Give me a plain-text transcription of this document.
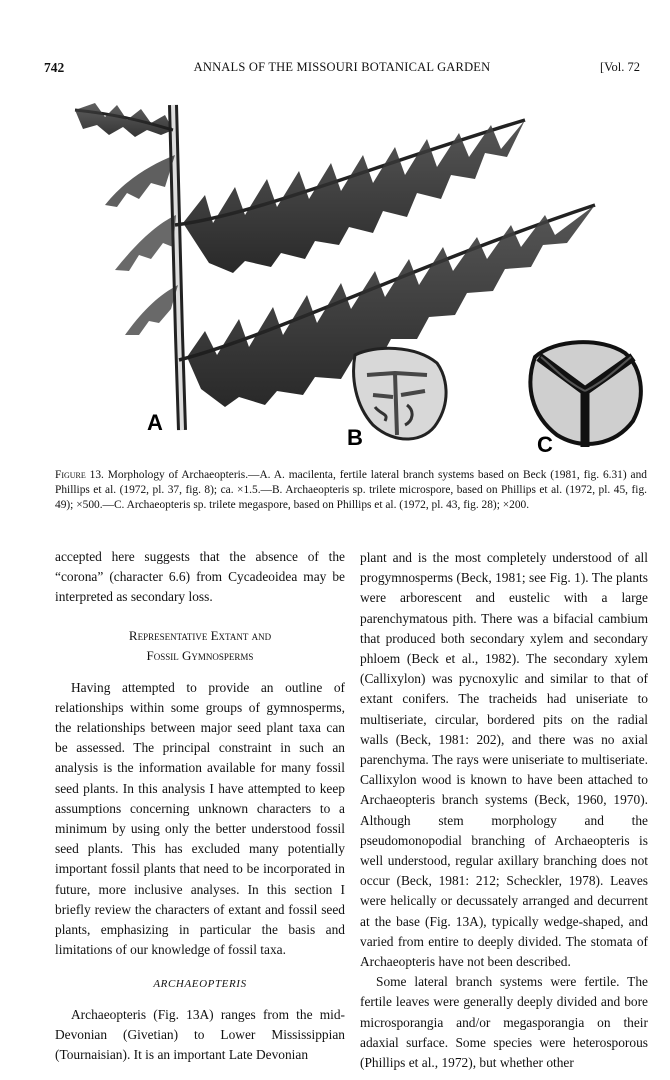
742	ANNALS OF THE MISSOURI BOTANICAL GARDEN	[Vol. 72
A
B	C
Figure 13. Morphology of Archaeopteris.—A. A. macilenta, fertile lateral branch systems based on Beck (1981, fig. 6.31) and Phillips et al. (1972, pl. 37, fig. 8); ca. ×1.5.—B. Archaeopteris sp. trilete microspore, based on Phillips et al. (1972, pl. 45, fig. 49); ×500.—C. Archaeopteris sp. trilete megaspore, based on Phillips et al. (1972, pl. 43, fig. 28); ×200.

accepted here suggests that the absence of the “corona” (character 6.6) from Cycadeoidea may be interpreted as secondary loss.

Representative Extant and
Fossil Gymnosperms

Having attempted to provide an outline of relationships within some groups of gymnosperms, the relationships between major seed plant taxa can be assessed. The principal constraint in such an analysis is the information available for many fossil seed plants. In this analysis I have attempted to keep assumptions concerning unknown characters to a minimum by using only the better understood fossil seed plants. This has excluded many potentially important fossil plants that need to be incorporated in future, more inclusive analyses. In this section I briefly review the characters of extant and fossil seed plants, emphasizing in particular the basis and limitations of our knowledge of fossil taxa.

ARCHAEOPTERIS

Archaeopteris (Fig. 13A) ranges from the mid-Devonian (Givetian) to Lower Mississippian (Tournaisian). It is an important Late Devonian

plant and is the most completely understood of all progymnosperms (Beck, 1981; see Fig. 1). The plants were arborescent and eustelic with a large parenchymatous pith. There was a bifacial cambium that produced both secondary xylem and secondary phloem (Beck et al., 1982). The secondary xylem (Callixylon) was pycnoxylic and similar to that of extant conifers. The tracheids had uniseriate to multiseriate, circular, bordered pits on the radial walls (Beck, 1981: 202), and there was no axial parenchyma. The rays were uniseriate to multiseriate. Callixylon wood is known to have been attached to Archaeopteris branch systems (Beck, 1960, 1970). Although stem morphology and the pseudomonopodial branching of Archaeopteris is well understood, regular axillary branching does not occur (Beck, 1981: 212; Scheckler, 1978). Leaves were helically or decussately arranged and decurrent at the base (Fig. 13A), typically wedge-shaped, and varied from entire to deeply divided. The stomata of Archaeopteris have not been described.

Some lateral branch systems were fertile. The fertile leaves were generally deeply divided and bore microsporangia and/or megasporangia on their adaxial surface. Some species were heterosporous (Phillips et al., 1972), but whether other
